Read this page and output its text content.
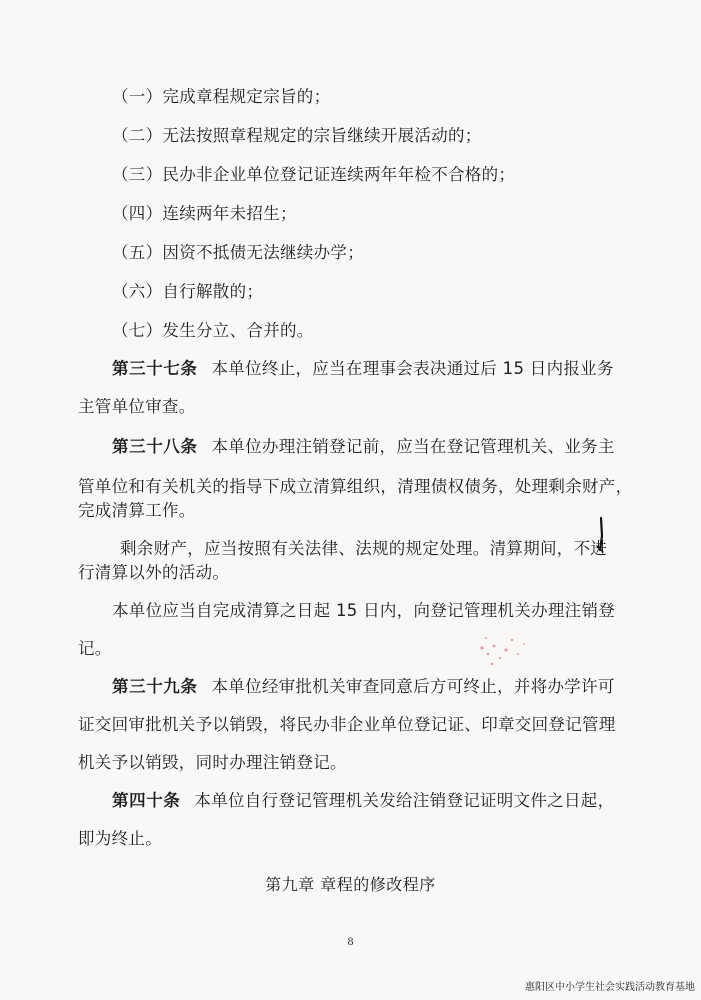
（一）完成章程规定宗旨的；
（二）无法按照章程规定的宗旨继续开展活动的；
（三）民办非企业单位登记证连续两年年检不合格的；
（四）连续两年未招生；
（五）因资不抵债无法继续办学；
（六）自行解散的；
（七）发生分立、合并的。
第三十七条 本单位终止，应当在理事会表决通过后 15 日内报业务
主管单位审查。
第三十八条 本单位办理注销登记前，应当在登记管理机关、业务主
管单位和有关机关的指导下成立清算组织，清理债权债务，处理剩余财产，
完成清算工作。
剩余财产，应当按照有关法律、法规的规定处理。清算期间，不进
行清算以外的活动。
本单位应当自完成清算之日起 15 日内，向登记管理机关办理注销登
记。
第三十九条 本单位经审批机关审查同意后方可终止，并将办学许可
证交回审批机关予以销毁，将民办非企业单位登记证、印章交回登记管理
机关予以销毁，同时办理注销登记。
第四十条 本单位自行登记管理机关发给注销登记证明文件之日起，
即为终止。
第九章 章程的修改程序
8
惠阳区中小学生社会实践活动教育基地
